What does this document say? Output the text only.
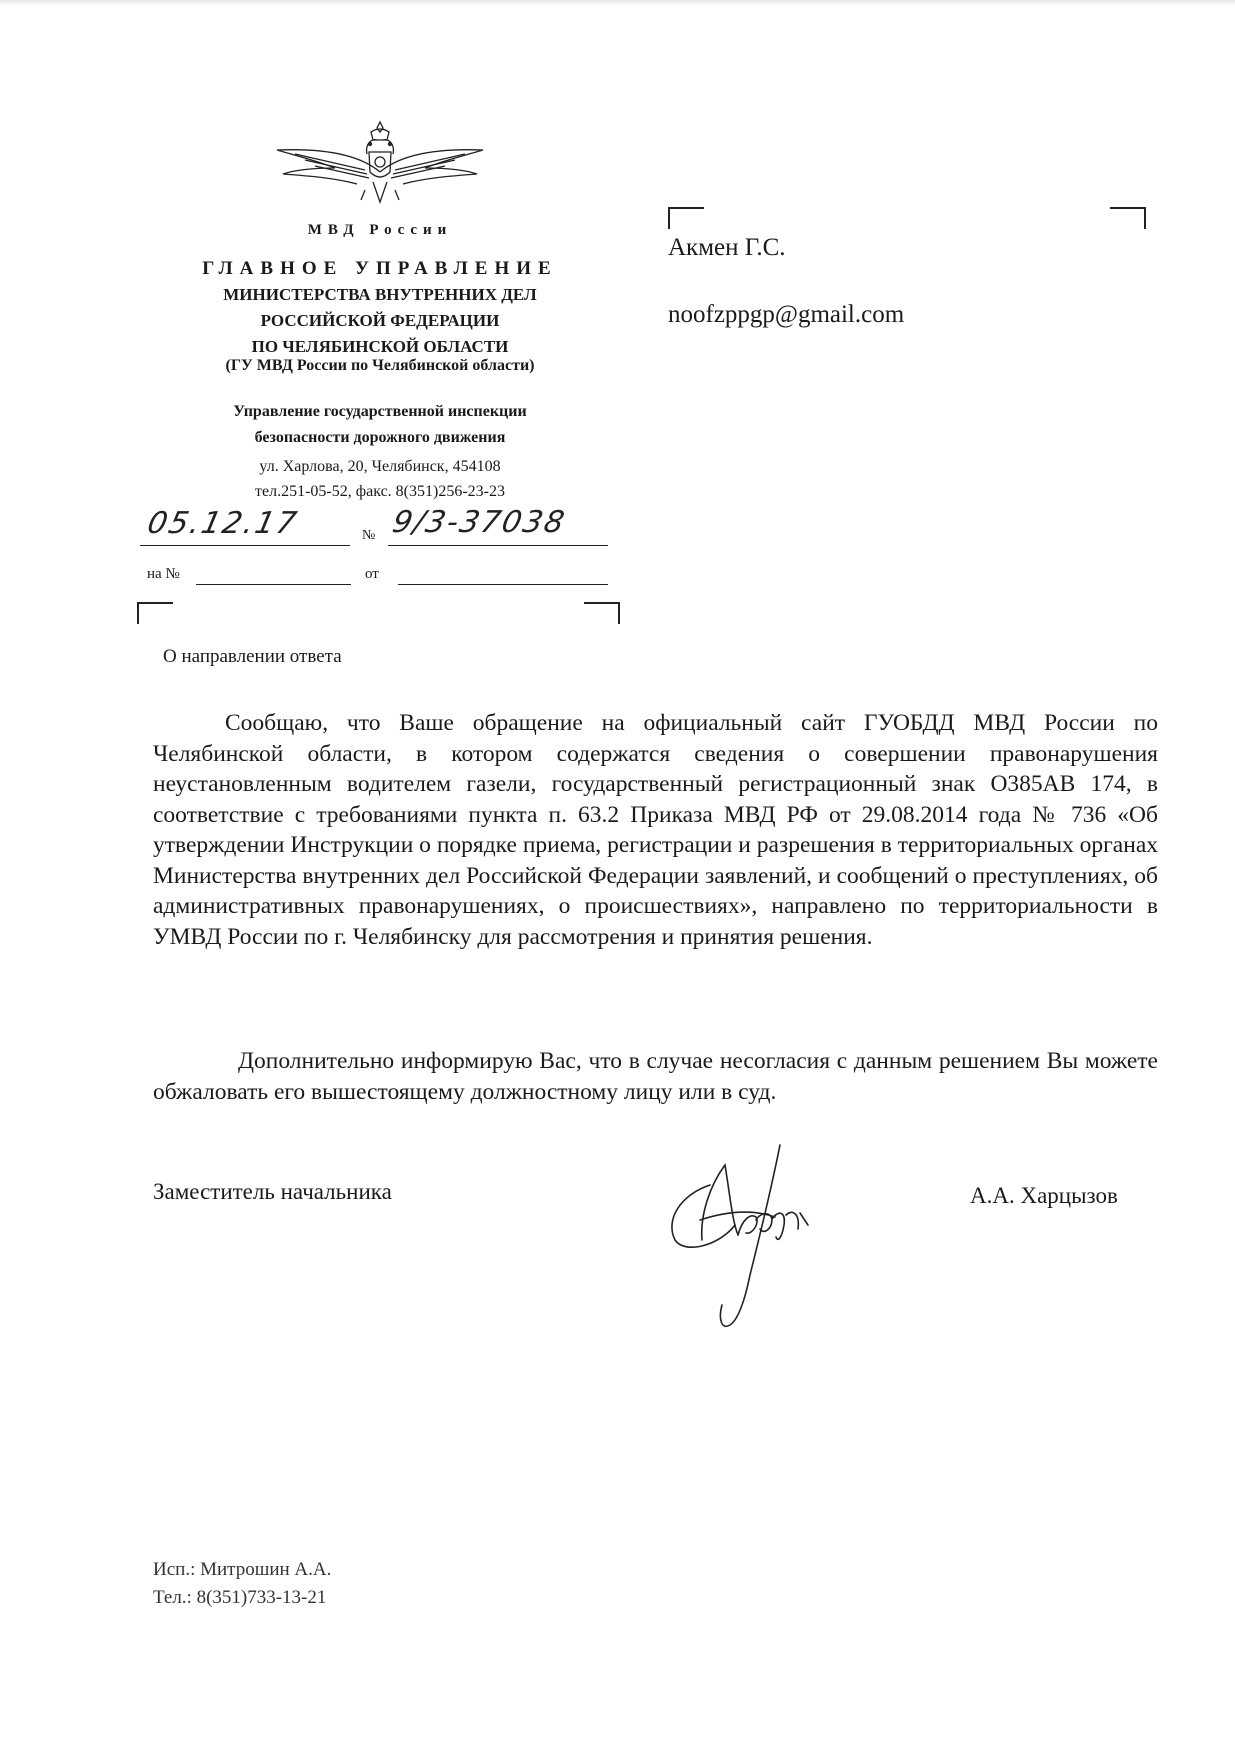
МВД России
ГЛАВНОЕ УПРАВЛЕНИЕ
МИНИСТЕРСТВА ВНУТРЕННИХ ДЕЛ
РОССИЙСКОЙ ФЕДЕРАЦИИ
ПО ЧЕЛЯБИНСКОЙ ОБЛАСТИ
(ГУ МВД России по Челябинской области)
Управление государственной инспекции
безопасности дорожного движения
ул. Харлова, 20, Челябинск, 454108
тел.251-05-52, факс. 8(351)256-23-23
05.12.17	№ 9/3-37038
на №	от
Акмен Г.С.
noofzppgp@gmail.com
О направлении ответа
Сообщаю, что Ваше обращение на официальный сайт ГУОБДД МВД России по Челябинской области, в котором содержатся сведения о совершении правонарушения неустановленным водителем газели, государственный регистрационный знак О385АВ 174, в соответствие с требованиями пункта п. 63.2 Приказа МВД РФ от 29.08.2014 года № 736 «Об утверждении Инструкции о порядке приема, регистрации и разрешения в территориальных органах Министерства внутренних дел Российской Федерации заявлений, и сообщений о преступлениях, об административных правонарушениях, о происшествиях», направлено по территориальности в УМВД России по г. Челябинску для рассмотрения и принятия решения.
Дополнительно информирую Вас, что в случае несогласия с данным решением Вы можете обжаловать его вышестоящему должностному лицу или в суд.
Заместитель начальника	А.А. Харцызов
Исп.: Митрошин А.А.
Тел.: 8(351)733-13-21
